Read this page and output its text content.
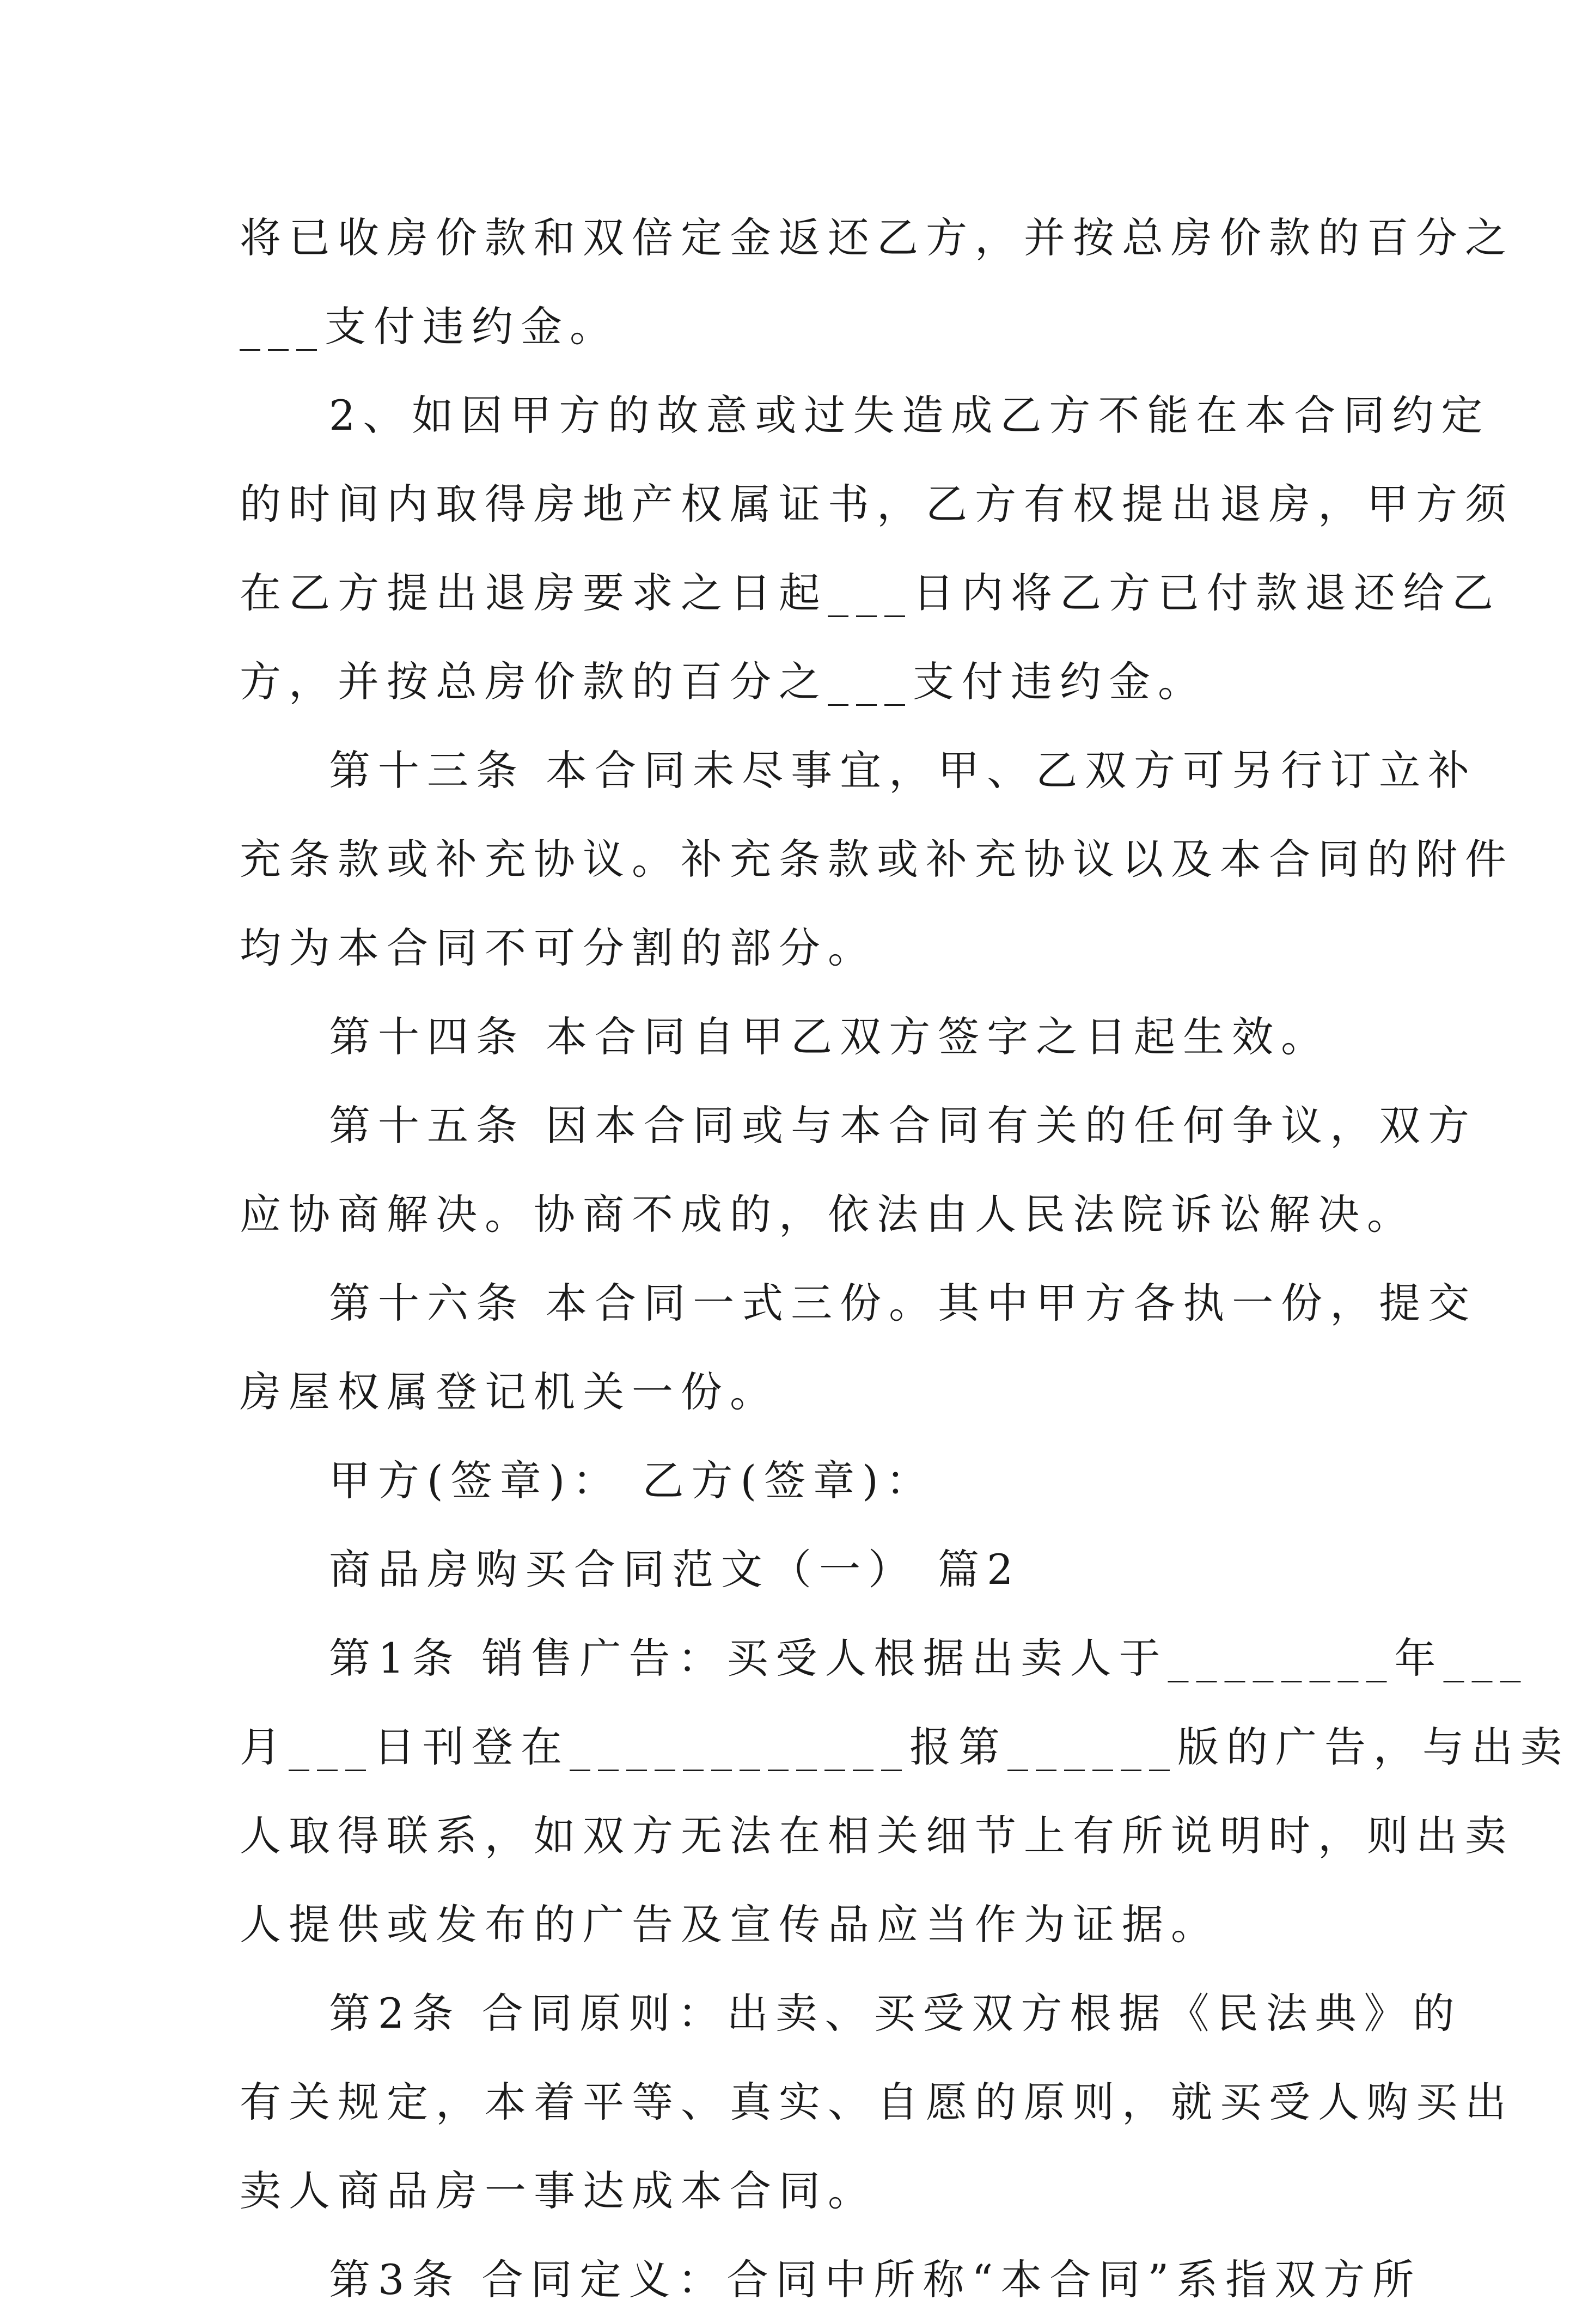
将已收房价款和双倍定金返还乙方，并按总房价款的百分之
___支付违约金。
2、如因甲方的故意或过失造成乙方不能在本合同约定
的时间内取得房地产权属证书，乙方有权提出退房，甲方须
在乙方提出退房要求之日起___日内将乙方已付款退还给乙
方，并按总房价款的百分之___支付违约金。
第十三条 本合同未尽事宜，甲、乙双方可另行订立补
充条款或补充协议。补充条款或补充协议以及本合同的附件
均为本合同不可分割的部分。
第十四条 本合同自甲乙双方签字之日起生效。
第十五条 因本合同或与本合同有关的任何争议，双方
应协商解决。协商不成的，依法由人民法院诉讼解决。
第十六条 本合同一式三份。其中甲方各执一份，提交
房屋权属登记机关一份。
甲方(签章)： 乙方(签章)：
商品房购买合同范文（一） 篇2
第1条 销售广告：买受人根据出卖人于________年___
月___日刊登在____________报第______版的广告，与出卖
人取得联系，如双方无法在相关细节上有所说明时，则出卖
人提供或发布的广告及宣传品应当作为证据。
第2条 合同原则：出卖、买受双方根据《民法典》的
有关规定，本着平等、真实、自愿的原则，就买受人购买出
卖人商品房一事达成本合同。
第3条 合同定义：合同中所称“本合同”系指双方所
